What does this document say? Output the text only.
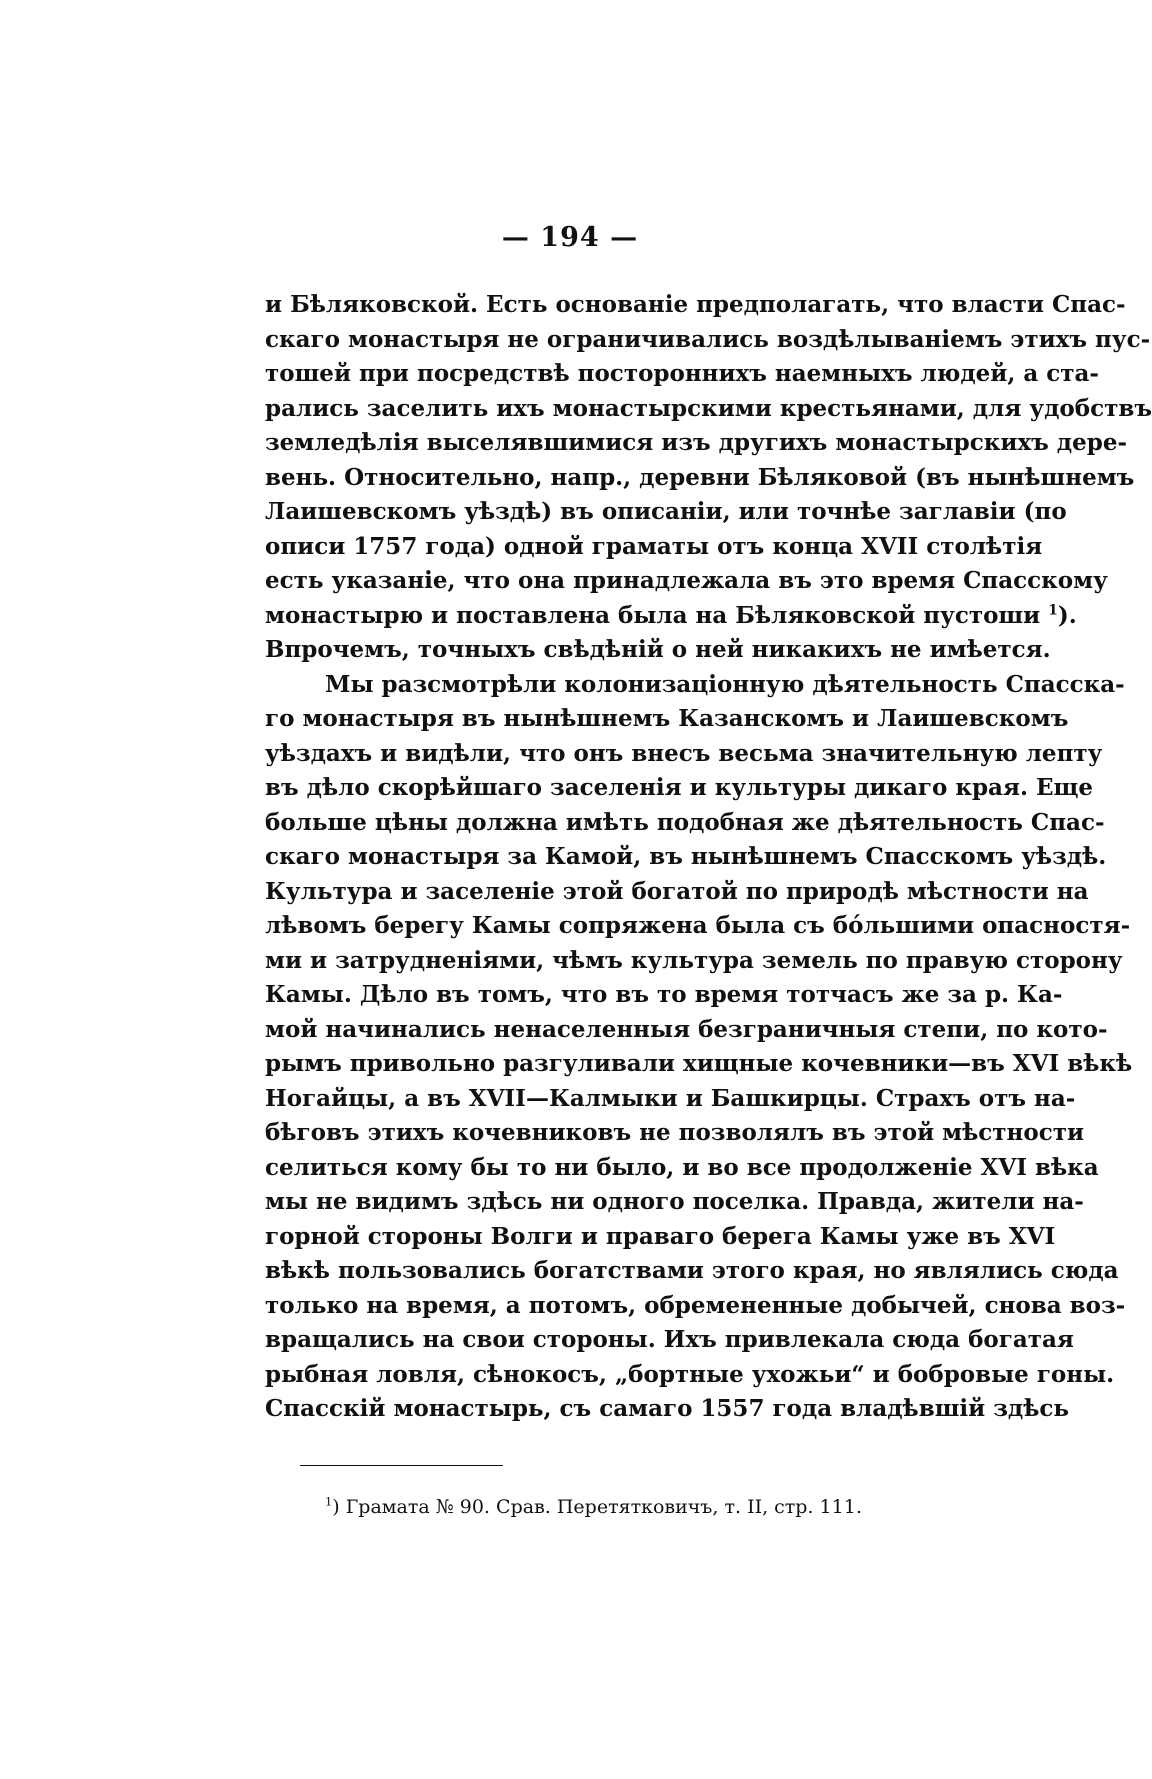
— 194 —
и Бѣляковской. Есть основаніе предполагать, что власти Спас-
скаго монастыря не ограничивались воздѣлываніемъ этихъ пус-
тошей при посредствѣ постороннихъ наемныхъ людей, а ста-
рались заселить ихъ монастырскими крестьянами, для удобствъ
земледѣлія выселявшимися изъ другихъ монастырскихъ дере-
вень. Относительно, напр., деревни Бѣляковой (въ нынѣшнемъ
Лаишевскомъ уѣздѣ) въ описаніи, или точнѣе заглавіи (по
описи 1757 года) одной граматы отъ конца XVII столѣтія
есть указаніе, что она принадлежала въ это время Спасскому
монастырю и поставлена была на Бѣляковской пустоши $^1$).
Впрочемъ, точныхъ свѣдѣній о ней никакихъ не имѣется.
Мы разсмотрѣли колонизаціонную дѣятельность Спасска-
го монастыря въ нынѣшнемъ Казанскомъ и Лаишевскомъ
уѣздахъ и видѣли, что онъ внесъ весьма значительную лепту
въ дѣло скорѣйшаго заселенія и культуры дикаго края. Еще
больше цѣны должна имѣть подобная же дѣятельность Спас-
скаго монастыря за Камой, въ нынѣшнемъ Спасскомъ уѣздѣ.
Культура и заселеніе этой богатой по природѣ мѣстности на
лѣвомъ берегу Камы сопряжена была съ бо́льшими опасностя-
ми и затрудненіями, чѣмъ культура земель по правую сторону
Камы. Дѣло въ томъ, что въ то время тотчасъ же за р. Ка-
мой начинались ненаселенныя безграничныя степи, по кото-
рымъ привольно разгуливали хищные кочевники—въ XVI вѣкѣ
Ногайцы, а въ XVII—Калмыки и Башкирцы. Страхъ отъ на-
бѣговъ этихъ кочевниковъ не позволялъ въ этой мѣстности
селиться кому бы то ни было, и во все продолженіе XVI вѣка
мы не видимъ здѣсь ни одного поселка. Правда, жители на-
горной стороны Волги и праваго берега Камы уже въ XVI
вѣкѣ пользовались богатствами этого края, но являлись сюда
только на время, а потомъ, обремененные добычей, снова воз-
вращались на свои стороны. Ихъ привлекала сюда богатая
рыбная ловля, сѣнокосъ, „бортные ухожьи“ и бобровые гоны.
Спасскій монастырь, съ самаго 1557 года владѣвшій здѣсь
$^1$) Грамата № 90. Срав. Перетятковичъ, т. II, стр. 111.
